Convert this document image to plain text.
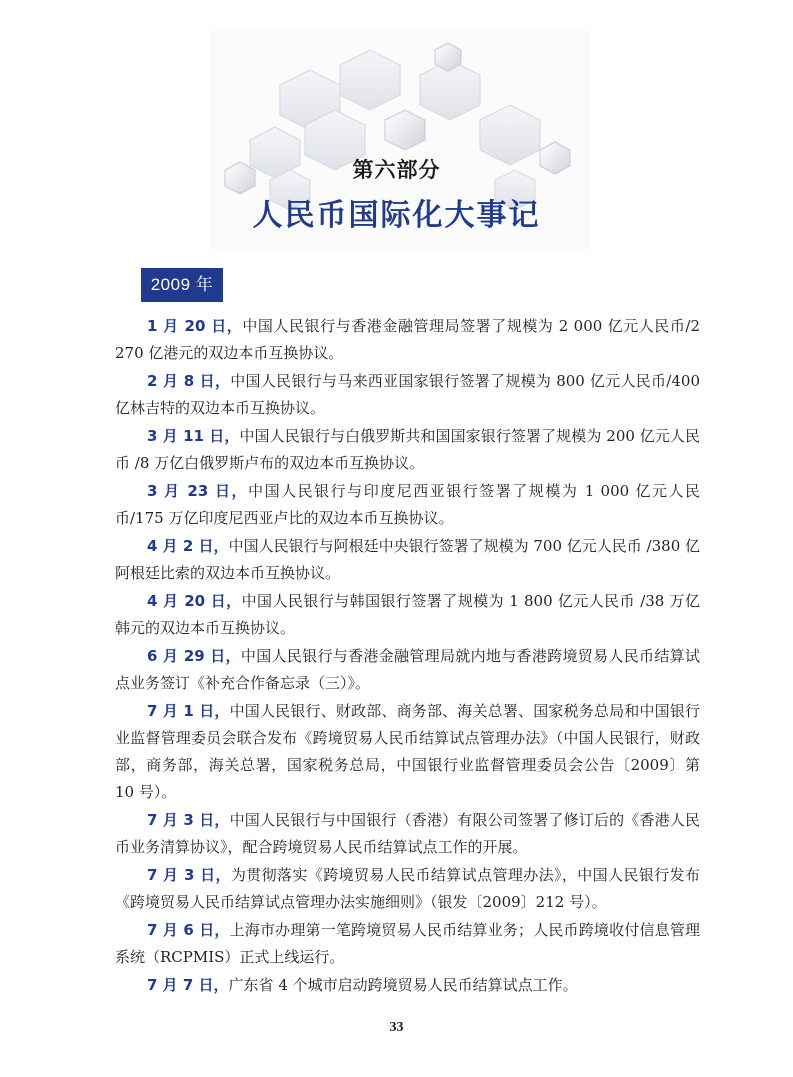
第六部分
人民币国际化大事记
2009 年
1 月 20 日，中国人民银行与香港金融管理局签署了规模为 2 000 亿元人民币/2 270 亿港元的双边本币互换协议。
2 月 8 日，中国人民银行与马来西亚国家银行签署了规模为 800 亿元人民币/400 亿林吉特的双边本币互换协议。
3 月 11 日，中国人民银行与白俄罗斯共和国国家银行签署了规模为 200 亿元人民币 /8 万亿白俄罗斯卢布的双边本币互换协议。
3 月 23 日，中国人民银行与印度尼西亚银行签署了规模为 1 000 亿元人民币/175 万亿印度尼西亚卢比的双边本币互换协议。
4 月 2 日，中国人民银行与阿根廷中央银行签署了规模为 700 亿元人民币 /380 亿阿根廷比索的双边本币互换协议。
4 月 20 日，中国人民银行与韩国银行签署了规模为 1 800 亿元人民币 /38 万亿韩元的双边本币互换协议。
6 月 29 日，中国人民银行与香港金融管理局就内地与香港跨境贸易人民币结算试点业务签订《补充合作备忘录（三）》。
7 月 1 日，中国人民银行、财政部、商务部、海关总署、国家税务总局和中国银行业监督管理委员会联合发布《跨境贸易人民币结算试点管理办法》（中国人民银行，财政部，商务部，海关总署，国家税务总局，中国银行业监督管理委员会公告〔2009〕第 10 号）。
7 月 3 日，中国人民银行与中国银行（香港）有限公司签署了修订后的《香港人民币业务清算协议》，配合跨境贸易人民币结算试点工作的开展。
7 月 3 日，为贯彻落实《跨境贸易人民币结算试点管理办法》，中国人民银行发布《跨境贸易人民币结算试点管理办法实施细则》（银发〔2009〕212 号）。
7 月 6 日，上海市办理第一笔跨境贸易人民币结算业务；人民币跨境收付信息管理系统（RCPMIS）正式上线运行。
7 月 7 日，广东省 4 个城市启动跨境贸易人民币结算试点工作。
33
